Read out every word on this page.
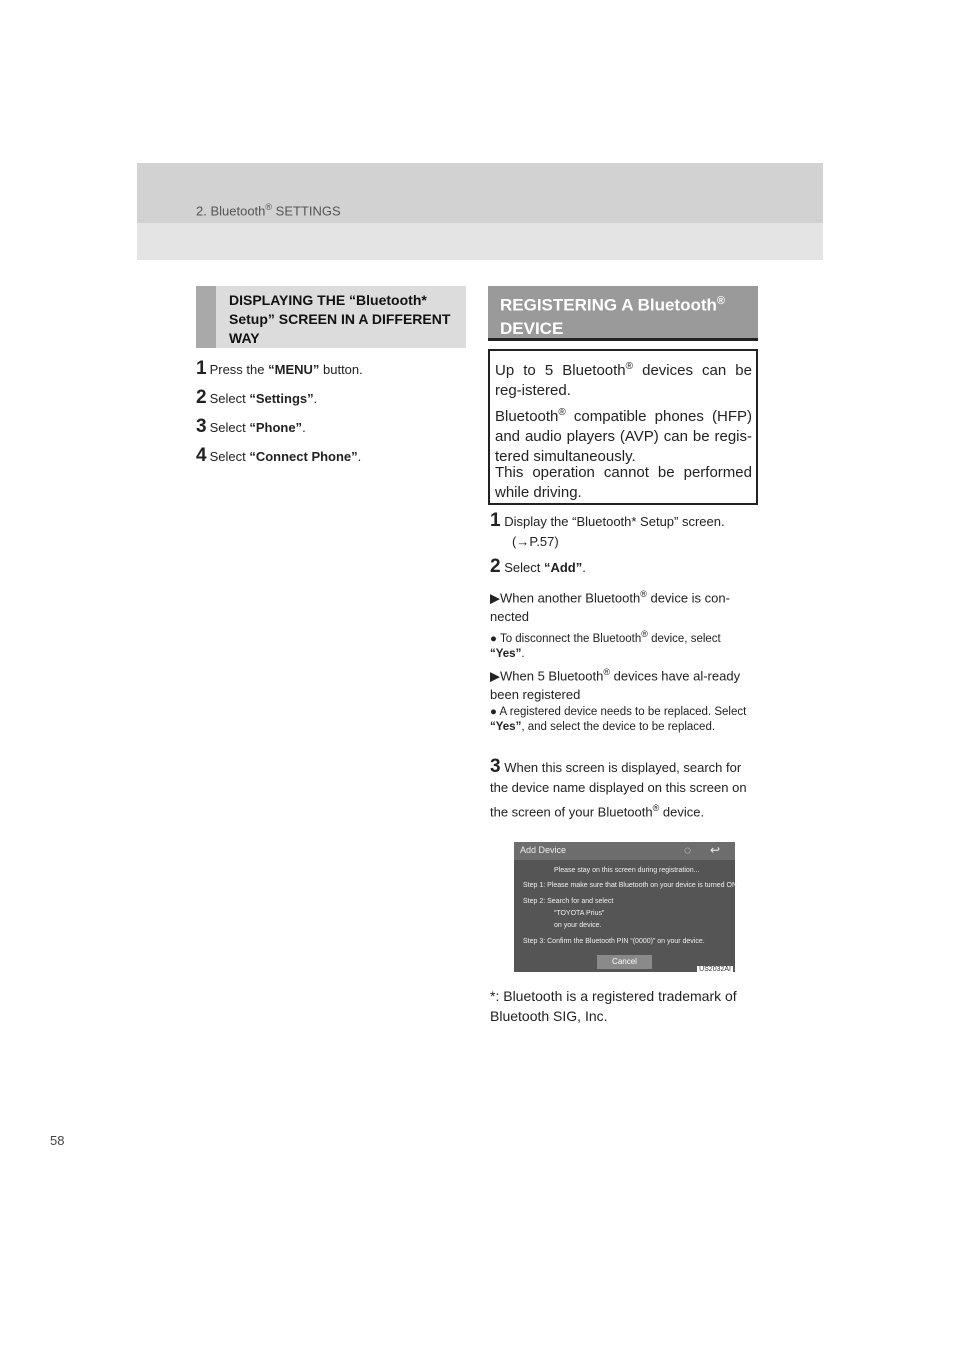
2. Bluetooth® SETTINGS
DISPLAYING THE “Bluetooth* Setup” SCREEN IN A DIFFERENT WAY
1 Press the “MENU” button.
2 Select “Settings”.
3 Select “Phone”.
4 Select “Connect Phone”.
REGISTERING A Bluetooth®
DEVICE

Up to 5 Bluetooth® devices can be reg-istered.

Bluetooth® compatible phones (HFP) and audio players (AVP) can be regis-tered simultaneously.

This operation cannot be performed while driving.

1 Display the “Bluetooth* Setup” screen.
(→P.57)
2 Select “Add”.
▶When another Bluetooth® device is con-nected
● To disconnect the Bluetooth® device, select “Yes”.
▶When 5 Bluetooth® devices have al-ready been registered
● A registered device needs to be replaced. Select “Yes”, and select the device to be replaced.
3 When this screen is displayed, search for the device name displayed on this screen on the screen of your Bluetooth® device.
Add Device	◌ ↩
Please stay on this screen during registration...
Step 1: Please make sure that Bluetooth on your device is turned ON.
Step 2: Search for and select
“TOYOTA Prius”
on your device.
Step 3: Confirm the Bluetooth PIN “(0000)” on your device.
Cancel
US2032AI
*: Bluetooth is a registered trademark of Bluetooth SIG, Inc.
58
